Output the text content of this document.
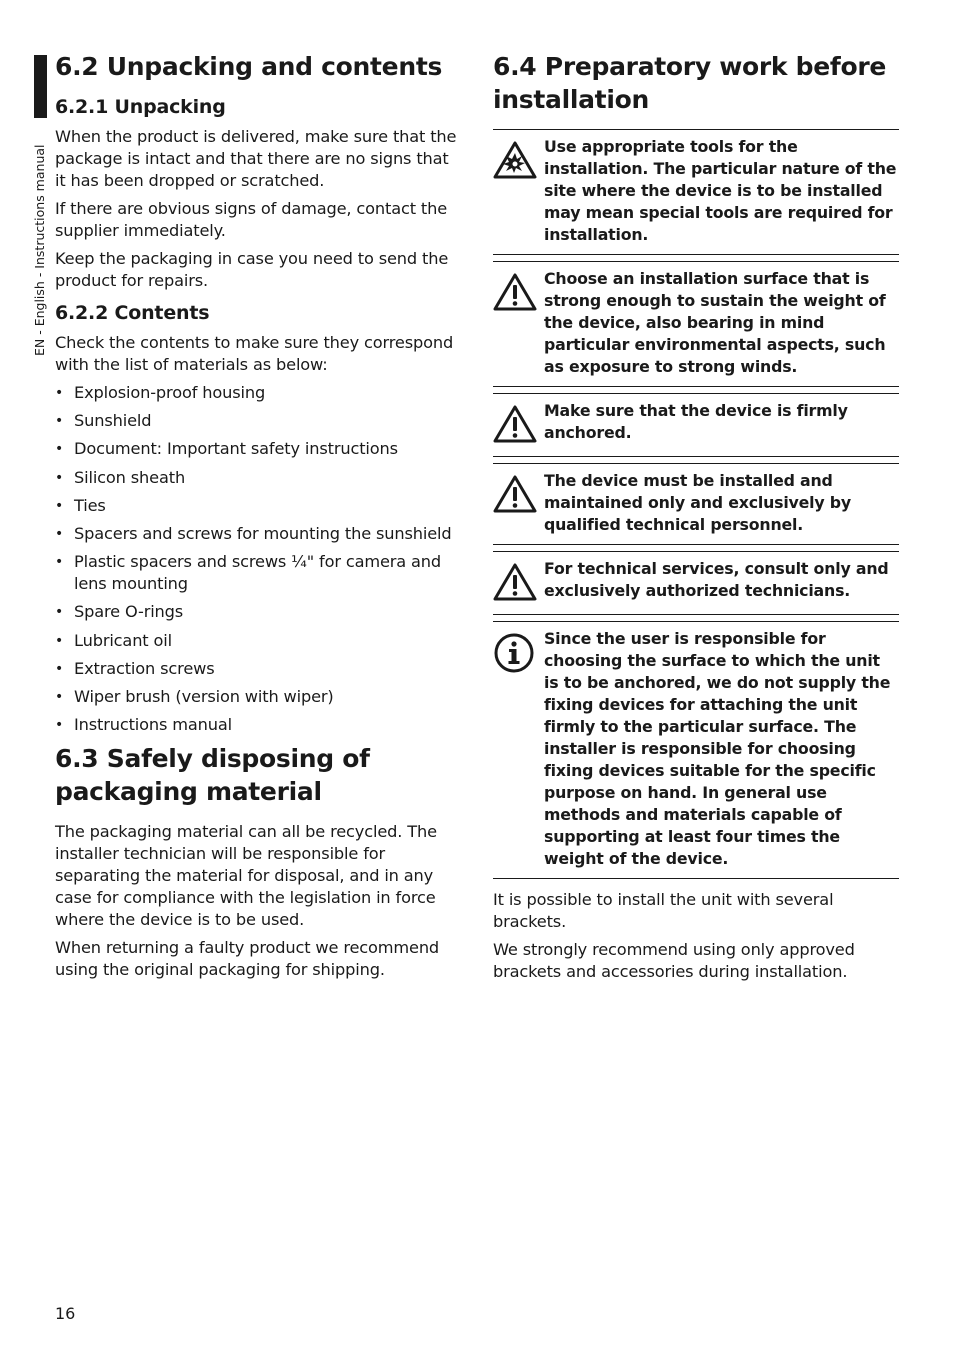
EN - English - Instructions manual
6.2 Unpacking and contents
6.2.1 Unpacking

When the product is delivered, make sure that the package is intact and that there are no signs that it has been dropped or scratched.

If there are obvious signs of damage, contact the supplier immediately.

Keep the packaging in case you need to send the product for repairs.

6.2.2 Contents

Check the contents to make sure they correspond with the list of materials as below:

• Explosion-proof housing
• Sunshield
• Document: Important safety instructions
• Silicon sheath
• Ties
• Spacers and screws for mounting the sunshield
• Plastic spacers and screws ¼" for camera and lens mounting
• Spare O-rings
• Lubricant oil
• Extraction screws
• Wiper brush (version with wiper)
• Instructions manual
6.3 Safely disposing of packaging material

The packaging material can all be recycled. The installer technician will be responsible for separating the material for disposal, and in any case for compliance with the legislation in force where the device is to be used.

When returning a faulty product we recommend using the original packaging for shipping.

6.4 Preparatory work before installation
Use appropriate tools for the installation. The particular nature of the site where the device is to be installed may mean special tools are required for installation.
Choose an installation surface that is strong enough to sustain the weight of the device, also bearing in mind particular environmental aspects, such as exposure to strong winds.
Make sure that the device is firmly anchored.
The device must be installed and maintained only and exclusively by qualified technical personnel.
For technical services, consult only and exclusively authorized technicians.
Since the user is responsible for choosing the surface to which the unit is to be anchored, we do not supply the fixing devices for attaching the unit firmly to the particular surface. The installer is responsible for choosing fixing devices suitable for the specific purpose on hand. In general use methods and materials capable of supporting at least four times the weight of the device.

It is possible to install the unit with several brackets.

We strongly recommend using only approved brackets and accessories during installation.

16
